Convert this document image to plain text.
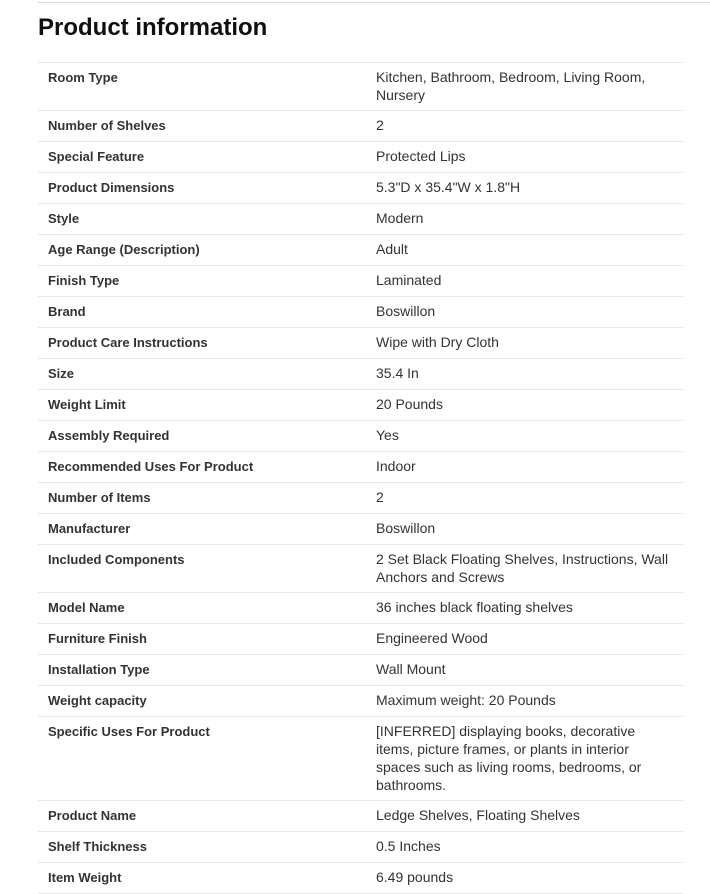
Product information
Room Type	Kitchen, Bathroom, Bedroom, Living Room, Nursery
Number of Shelves	2
Special Feature	Protected Lips
Product Dimensions	5.3"D x 35.4"W x 1.8"H
Style	Modern
Age Range (Description)	Adult
Finish Type	Laminated
Brand	Boswillon
Product Care Instructions	Wipe with Dry Cloth
Size	35.4 In
Weight Limit	20 Pounds
Assembly Required	Yes
Recommended Uses For Product	Indoor
Number of Items	2
Manufacturer	Boswillon
Included Components	2 Set Black Floating Shelves, Instructions, Wall Anchors and Screws
Model Name	36 inches black floating shelves
Furniture Finish	Engineered Wood
Installation Type	Wall Mount
Weight capacity	Maximum weight: 20 Pounds
Specific Uses For Product	[INFERRED] displaying books, decorative items, picture frames, or plants in interior spaces such as living rooms, bedrooms, or bathrooms.
Product Name	Ledge Shelves, Floating Shelves
Shelf Thickness	0.5 Inches
Item Weight	6.49 pounds
